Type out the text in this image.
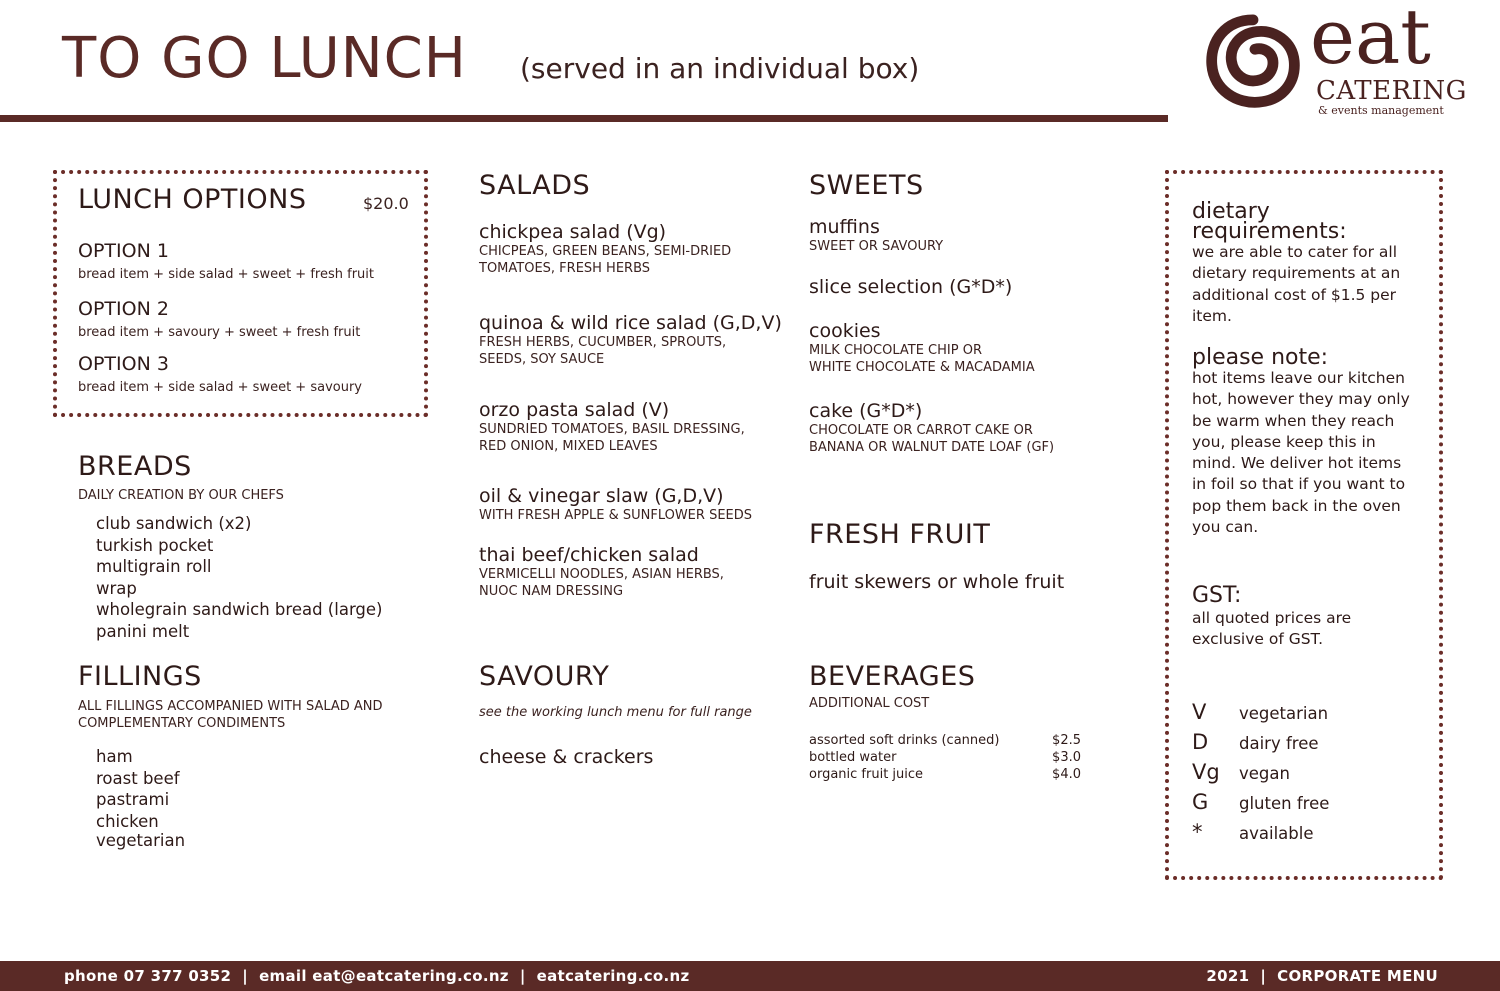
TO GO LUNCH (served in an individual box)	eat
CATERING
& events management
LUNCH OPTIONS	$20.0
OPTION 1
bread item + side salad + sweet + fresh fruit
OPTION 2
bread item + savoury + sweet + fresh fruit
OPTION 3
bread item + side salad + sweet + savoury
BREADS
DAILY CREATION BY OUR CHEFS
club sandwich (x2)
turkish pocket
multigrain roll
wrap
wholegrain sandwich bread (large)
panini melt
FILLINGS
ALL FILLINGS ACCOMPANIED WITH SALAD AND
COMPLEMENTARY CONDIMENTS
ham
roast beef
pastrami
chicken
vegetarian
SALADS
chickpea salad (Vg)
CHICPEAS, GREEN BEANS, SEMI-DRIED
TOMATOES, FRESH HERBS
quinoa & wild rice salad (G,D,V)
FRESH HERBS, CUCUMBER, SPROUTS,
SEEDS, SOY SAUCE
orzo pasta salad (V)
SUNDRIED TOMATOES, BASIL DRESSING,
RED ONION, MIXED LEAVES
oil & vinegar slaw (G,D,V)
WITH FRESH APPLE & SUNFLOWER SEEDS
thai beef/chicken salad
VERMICELLI NOODLES, ASIAN HERBS,
NUOC NAM DRESSING
SAVOURY
see the working lunch menu for full range
cheese & crackers
SWEETS
muffins
SWEET OR SAVOURY
slice selection (G*D*)
cookies
MILK CHOCOLATE CHIP OR
WHITE CHOCOLATE & MACADAMIA
cake (G*D*)
CHOCOLATE OR CARROT CAKE OR
BANANA OR WALNUT DATE LOAF (GF)
FRESH FRUIT
fruit skewers or whole fruit
BEVERAGES
ADDITIONAL COST
assorted soft drinks (canned)	$2.5
bottled water	$3.0
organic fruit juice	$4.0
dietary
requirements:
we are able to cater for all
dietary requirements at an
additional cost of $1.5 per
item.
please note:
hot items leave our kitchen
hot, however they may only
be warm when they reach
you, please keep this in
mind. We deliver hot items
in foil so that if you want to
pop them back in the oven
you can.
GST:
all quoted prices are
exclusive of GST.
V	vegetarian
D	dairy free
Vg	vegan
G	gluten free
*	available
phone 07 377 0352 | email eat@eatcatering.co.nz | eatcatering.co.nz	2021 | CORPORATE MENU
